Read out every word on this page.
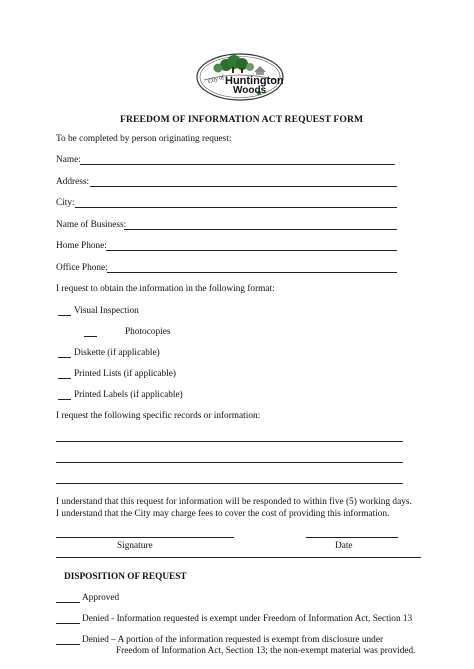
City of Huntington
Woods
FREEDOM OF INFORMATION ACT REQUEST FORM
To be completed by person originating request:
Name:
Address:
City:
Name of Business:
Home Phone:
Office Phone:
I request to obtain the information in the following format:
Visual Inspection
Photocopies
Diskette (if applicable)
Printed Lists (if applicable)
Printed Labels (if applicable)
I request the following specific records or information:
I understand that this request for information will be responded to within five (5) working days.
I understand that the City may charge fees to cover the cost of providing this information.
Signature	Date
DISPOSITION OF REQUEST
Approved
Denied - Information requested is exempt under Freedom of Information Act, Section 13
Denied – A portion of the information requested is exempt from disclosure under
Freedom of Information Act, Section 13; the non-exempt material was provided.
